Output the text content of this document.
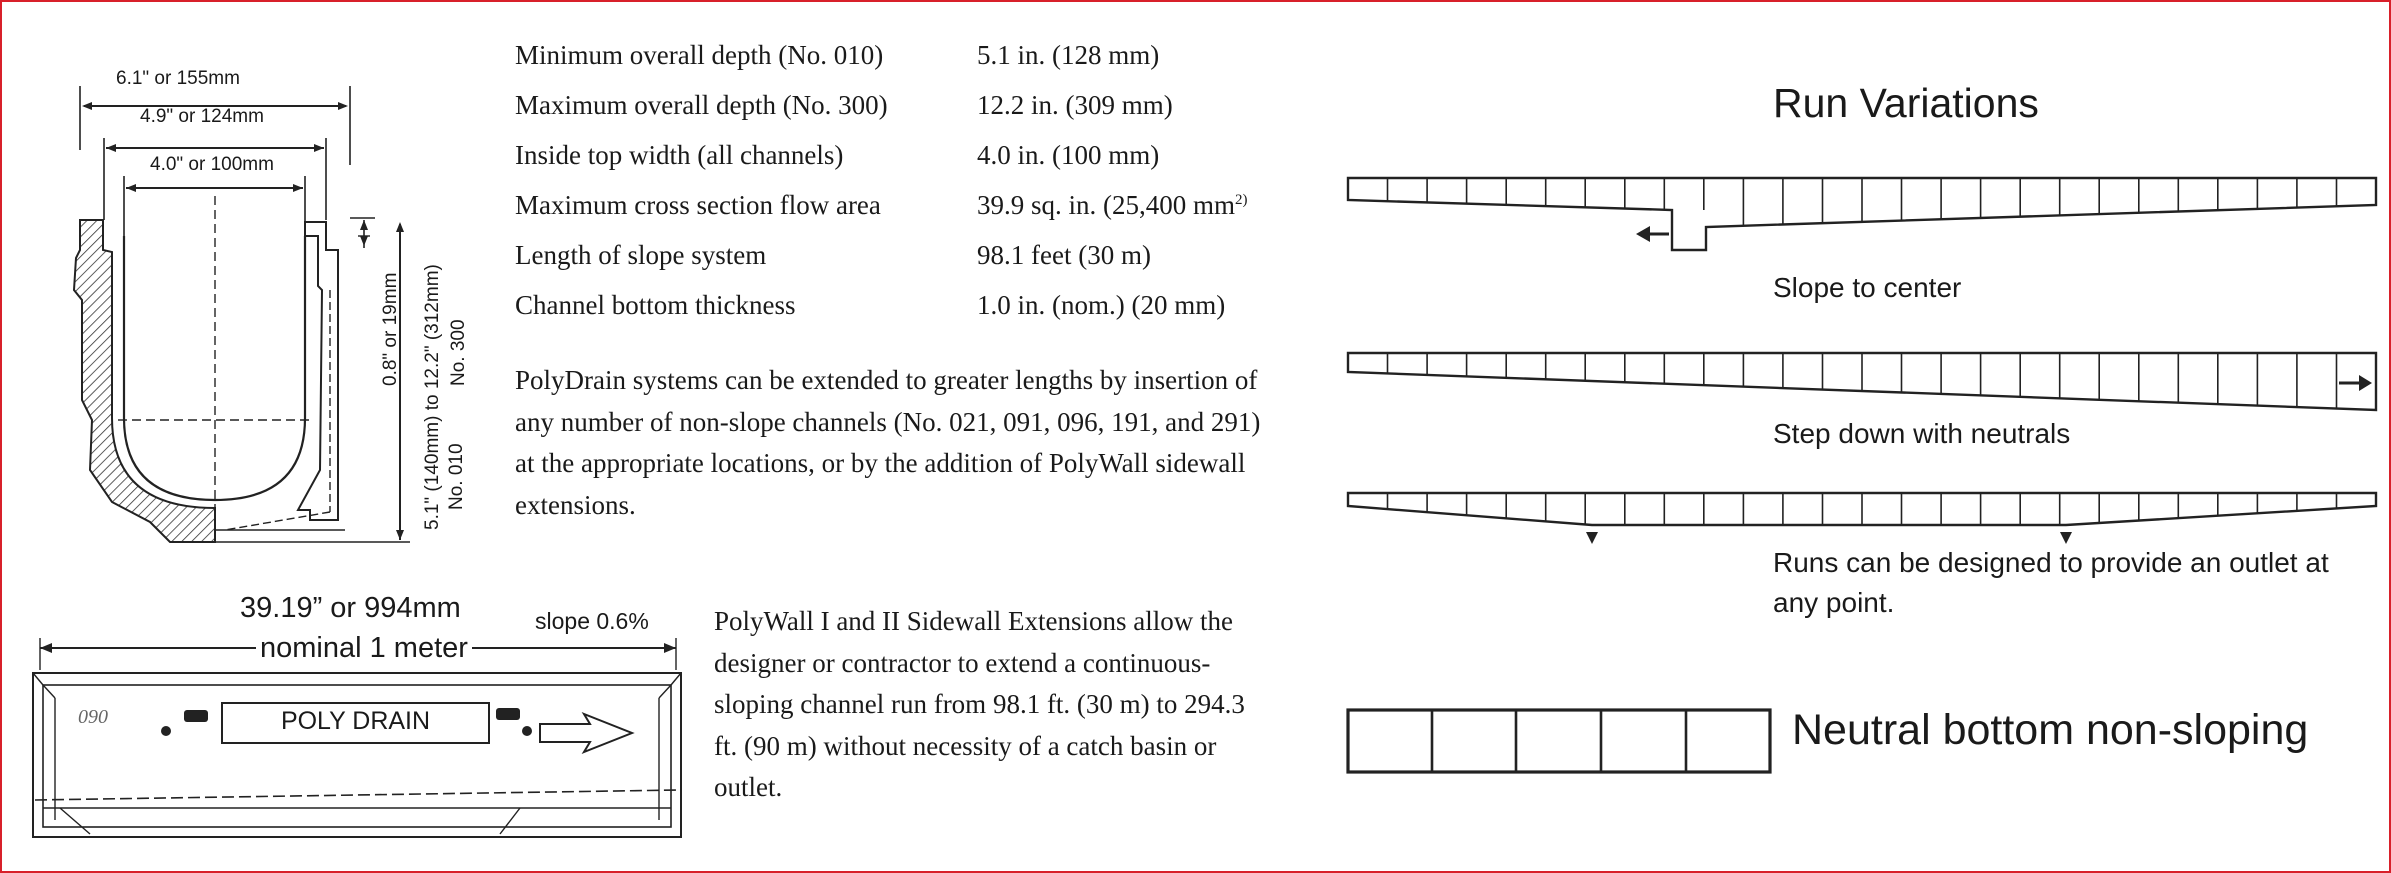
6.1" or 155mm
4.9" or 124mm
4.0" or 100mm
0.8" or 19mm 5.1" (140mm) to 12.2" (312mm) No. 300
No. 010
Minimum overall depth (No. 010)	5.1 in. (128 mm)
Maximum overall depth (No. 300)	12.2 in. (309 mm)
Inside top width (all channels)	4.0 in. (100 mm)
Maximum cross section flow area	39.9 sq. in. (25,400 $mm^{2)}$
Length of slope system	98.1 feet (30 m)
Channel bottom thickness	1.0 in. (nom.) (20 mm)
PolyDrain systems can be extended to greater lengths by insertion of
any number of non-slope channels (No. 021, 091, 096, 191, and 291)
at the appropriate locations, or by the addition of PolyWall sidewall
extensions.
39.19” or 994mm
nominal 1 meter
slope 0.6%
POLY DRAIN
090
PolyWall I and II Sidewall Extensions allow the
designer or contractor to extend a continuous-
sloping channel run from 98.1 ft. (30 m) to 294.3
ft. (90 m) without necessity of a catch basin or
outlet.
Run Variations
Slope to center
Step down with neutrals
Runs can be designed to provide an outlet at
any point.
Neutral bottom non-sloping
